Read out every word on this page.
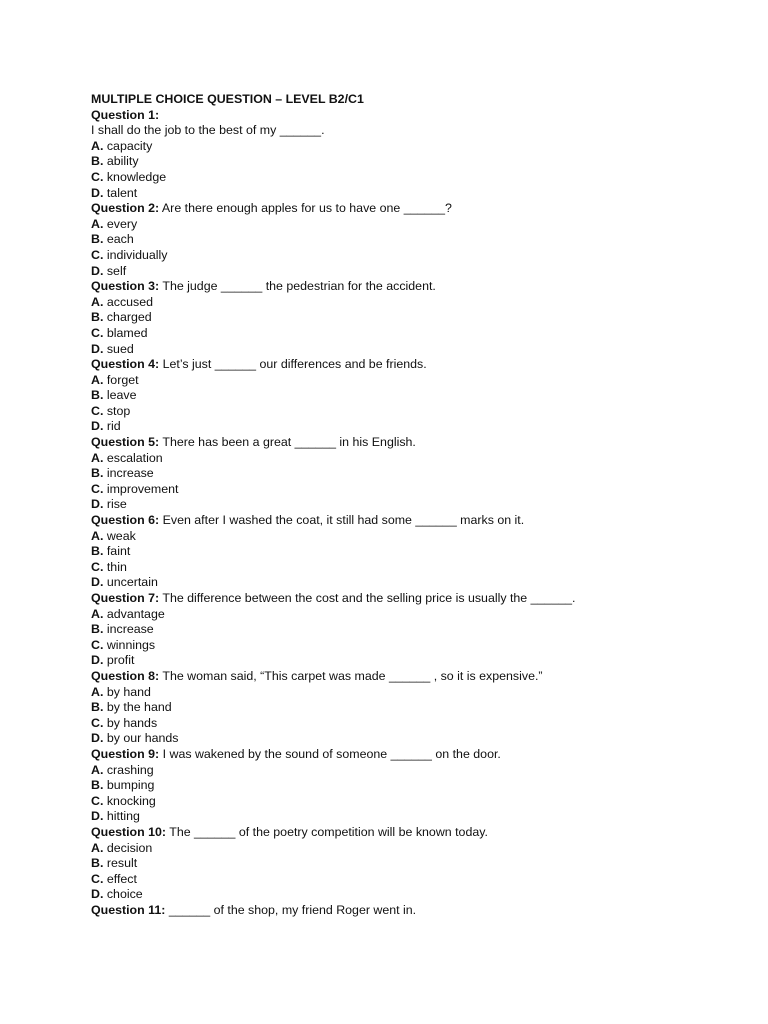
MULTIPLE CHOICE QUESTION – LEVEL B2/C1
Question 1:
I shall do the job to the best of my ______.
A. capacity
B. ability
C. knowledge
D. talent
Question 2: Are there enough apples for us to have one ______?
A. every
B. each
C. individually
D. self
Question 3: The judge ______ the pedestrian for the accident.
A. accused
B. charged
C. blamed
D. sued
Question 4: Let’s just ______ our differences and be friends.
A. forget
B. leave
C. stop
D. rid
Question 5: There has been a great ______ in his English.
A. escalation
B. increase
C. improvement
D. rise
Question 6: Even after I washed the coat, it still had some ______ marks on it.
A. weak
B. faint
C. thin
D. uncertain
Question 7: The difference between the cost and the selling price is usually the ______.
A. advantage
B. increase
C. winnings
D. profit
Question 8: The woman said, “This carpet was made ______ , so it is expensive.”
A. by hand
B. by the hand
C. by hands
D. by our hands
Question 9: I was wakened by the sound of someone ______ on the door.
A. crashing
B. bumping
C. knocking
D. hitting
Question 10: The ______ of the poetry competition will be known today.
A. decision
B. result
C. effect
D. choice
Question 11: ______ of the shop, my friend Roger went in.
